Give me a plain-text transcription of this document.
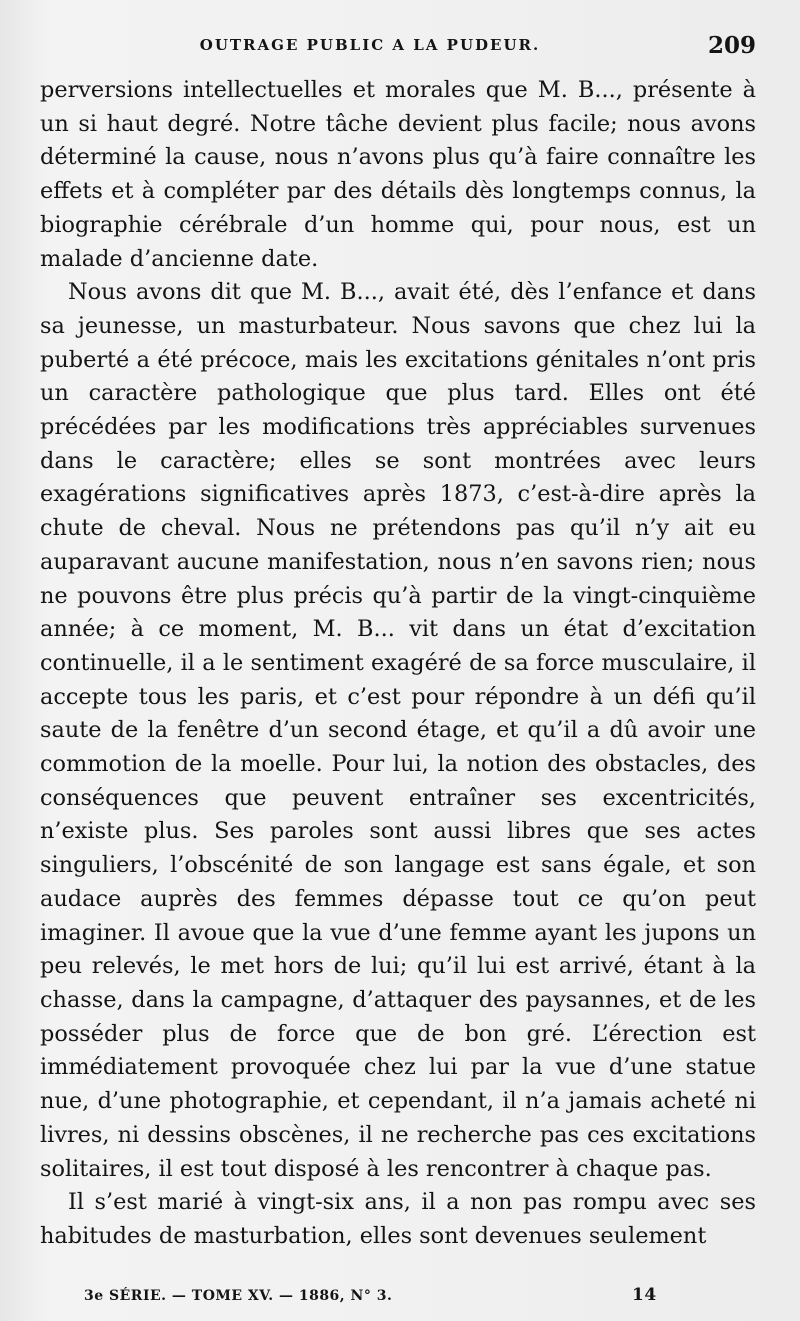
OUTRAGE PUBLIC A LA PUDEUR.	209

perversions intellectuelles et morales que M. B..., présente à un si haut degré. Notre tâche devient plus facile; nous avons déterminé la cause, nous n’avons plus qu’à faire connaître les effets et à compléter par des détails dès longtemps connus, la biographie cérébrale d’un homme qui, pour nous, est un malade d’ancienne date.

Nous avons dit que M. B..., avait été, dès l’enfance et dans sa jeunesse, un masturbateur. Nous savons que chez lui la puberté a été précoce, mais les excitations génitales n’ont pris un caractère pathologique que plus tard. Elles ont été précédées par les modifications très appréciables survenues dans le caractère; elles se sont montrées avec leurs exagérations significatives après 1873, c’est-à-dire après la chute de cheval. Nous ne prétendons pas qu’il n’y ait eu auparavant aucune manifestation, nous n’en savons rien; nous ne pouvons être plus précis qu’à partir de la vingt-cinquième année; à ce moment, M. B... vit dans un état d’excitation continuelle, il a le sentiment exagéré de sa force musculaire, il accepte tous les paris, et c’est pour répondre à un défi qu’il saute de la fenêtre d’un second étage, et qu’il a dû avoir une commotion de la moelle. Pour lui, la notion des obstacles, des conséquences que peuvent entraîner ses excentricités, n’existe plus. Ses paroles sont aussi libres que ses actes singuliers, l’obscénité de son langage est sans égale, et son audace auprès des femmes dépasse tout ce qu’on peut imaginer. Il avoue que la vue d’une femme ayant les jupons un peu relevés, le met hors de lui; qu’il lui est arrivé, étant à la chasse, dans la campagne, d’attaquer des paysannes, et de les posséder plus de force que de bon gré. L’érection est immédiatement provoquée chez lui par la vue d’une statue nue, d’une photographie, et cependant, il n’a jamais acheté ni livres, ni dessins obscènes, il ne recherche pas ces excitations solitaires, il est tout disposé à les rencontrer à chaque pas.

Il s’est marié à vingt-six ans, il a non pas rompu avec ses habitudes de masturbation, elles sont devenues seulement

3e SÉRIE. — TOME XV. — 1886, N° 3.	14
